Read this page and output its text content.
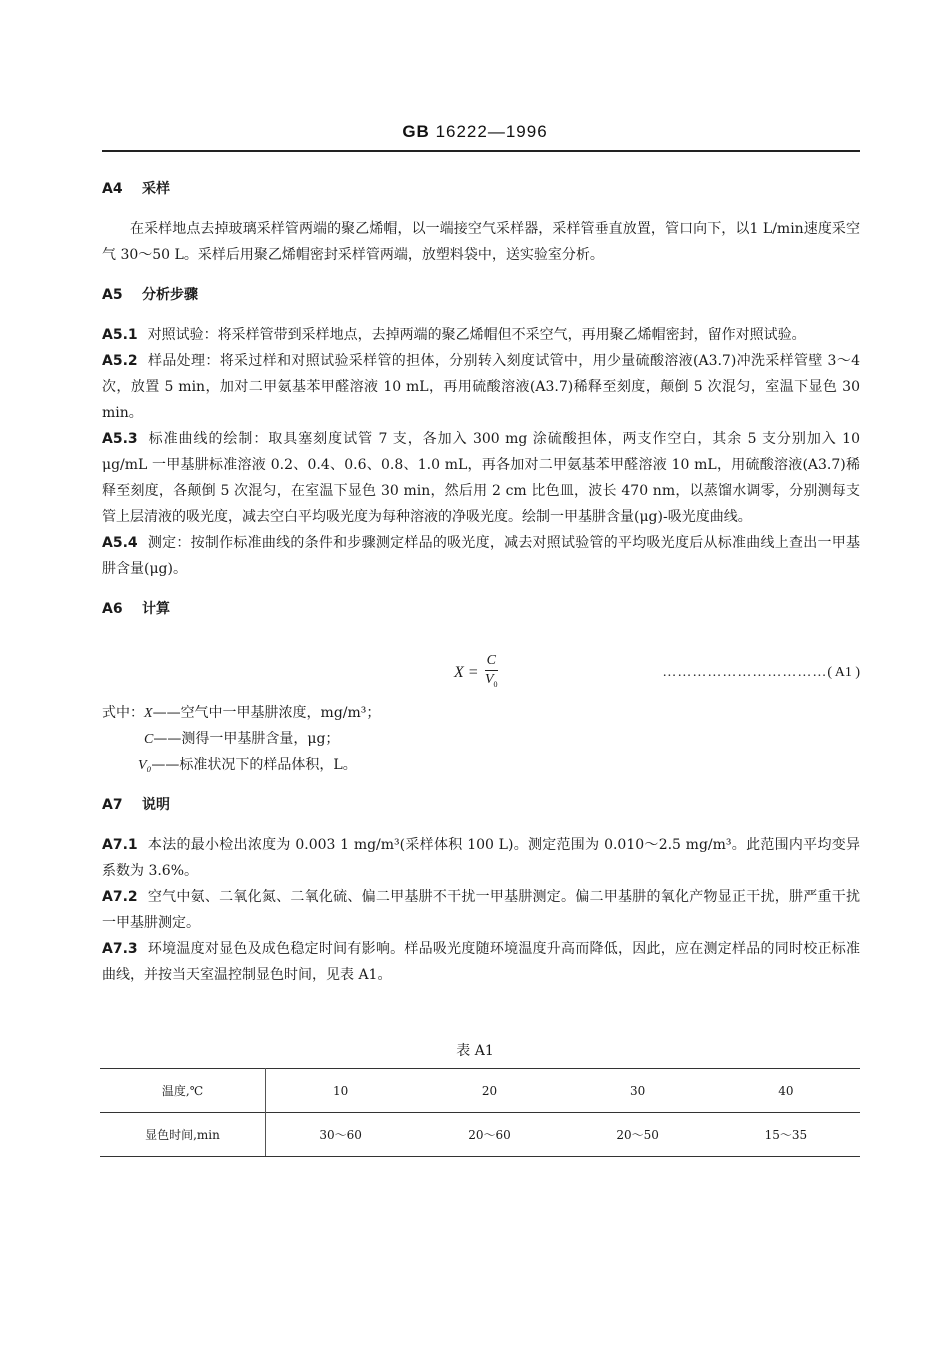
GB 16222—1996
A4 采样

在采样地点去掉玻璃采样管两端的聚乙烯帽，以一端接空气采样器，采样管垂直放置，管口向下，以1 L/min速度采空气 30～50 L。采样后用聚乙烯帽密封采样管两端，放塑料袋中，送实验室分析。

A5 分析步骤

A5.1 对照试验：将采样管带到采样地点，去掉两端的聚乙烯帽但不采空气，再用聚乙烯帽密封，留作对照试验。

A5.2 样品处理：将采过样和对照试验采样管的担体，分别转入刻度试管中，用少量硫酸溶液(A3.7)冲洗采样管壁 3～4 次，放置 5 min，加对二甲氨基苯甲醛溶液 10 mL，再用硫酸溶液(A3.7)稀释至刻度，颠倒 5 次混匀，室温下显色 30 min。

A5.3 标准曲线的绘制：取具塞刻度试管 7 支，各加入 300 mg 涂硫酸担体，两支作空白，其余 5 支分别加入 10 μg/mL 一甲基肼标准溶液 0.2、0.4、0.6、0.8、1.0 mL，再各加对二甲氨基苯甲醛溶液 10 mL，用硫酸溶液(A3.7)稀释至刻度，各颠倒 5 次混匀，在室温下显色 30 min，然后用 2 cm 比色皿，波长 470 nm，以蒸馏水调零，分别测每支管上层清液的吸光度，减去空白平均吸光度为每种溶液的净吸光度。绘制一甲基肼含量(μg)-吸光度曲线。

A5.4 测定：按制作标准曲线的条件和步骤测定样品的吸光度，减去对照试验管的平均吸光度后从标准曲线上查出一甲基肼含量(μg)。

A6 计算
$X = \frac{C}{V_0}$	……………………………( A1 )

式中：X——空气中一甲基肼浓度，mg/m³；

C——测得一甲基肼含量，μg；

V₀——标准状况下的样品体积，L。

A7 说明

A7.1 本法的最小检出浓度为 0.003 1 mg/m³(采样体积 100 L)。测定范围为 0.010～2.5 mg/m³。此范围内平均变异系数为 3.6%。

A7.2 空气中氨、二氧化氮、二氧化硫、偏二甲基肼不干扰一甲基肼测定。偏二甲基肼的氧化产物显正干扰，肼严重干扰一甲基肼测定。

A7.3 环境温度对显色及成色稳定时间有影响。样品吸光度随环境温度升高而降低，因此，应在测定样品的同时校正标准曲线，并按当天室温控制显色时间，见表 A1。

表 A1
温度,℃	10	20	30	40
显色时间,min	30～60	20～60	20～50	15～35
